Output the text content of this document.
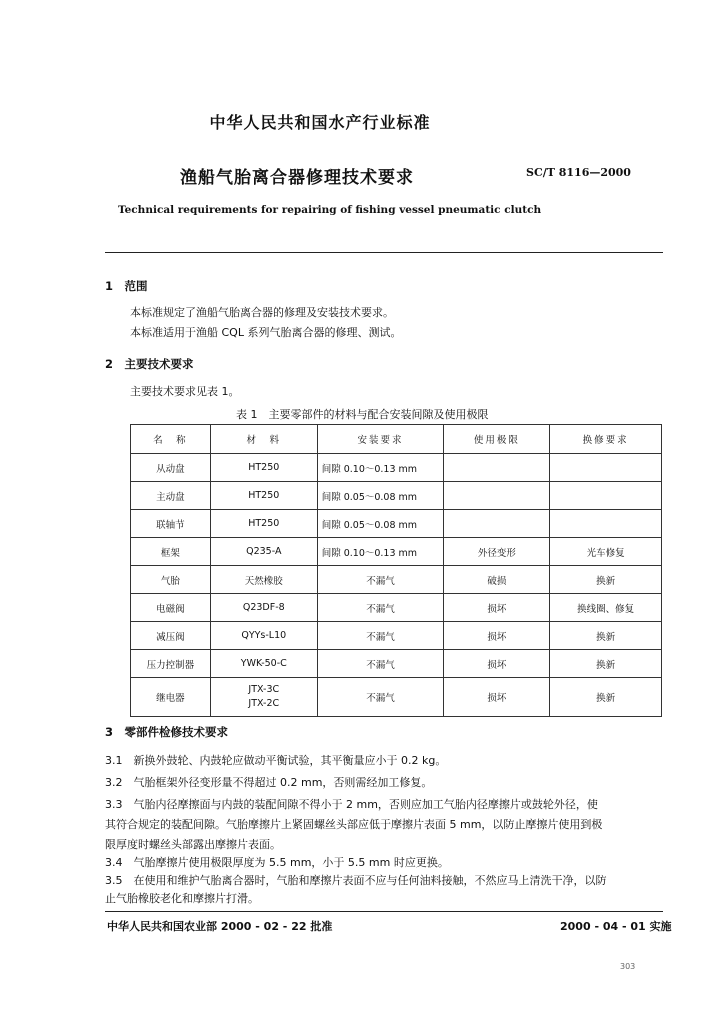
中华人民共和国水产行业标准
渔船气胎离合器修理技术要求	SC/T 8116—2000
Technical requirements for repairing of fishing vessel pneumatic clutch
1　范围
本标准规定了渔船气胎离合器的修理及安装技术要求。
本标准适用于渔船 CQL 系列气胎离合器的修理、测试。
2　主要技术要求
主要技术要求见表 1。
表 1　主要零部件的材料与配合安装间隙及使用极限
名　称	材　料	安装要求	使用极限	换修要求
从动盘	HT250	间隙 0.10～0.13 mm		
主动盘	HT250	间隙 0.05～0.08 mm		
联轴节	HT250	间隙 0.05～0.08 mm		
框架	Q235-A	间隙 0.10～0.13 mm	外径变形	光车修复
气胎	天然橡胶	不漏气	破损	换新
电磁阀	Q23DF-8	不漏气	损坏	换线圈、修复
减压阀	QYYs-L10	不漏气	损坏	换新
压力控制器	YWK-50-C	不漏气	损坏	换新
继电器	JTX-3C
JTX-2C	不漏气	损坏	换新
3　零部件检修技术要求
3.1　新换外鼓轮、内鼓轮应做动平衡试验，其平衡量应小于 0.2 kg。
3.2　气胎框架外径变形量不得超过 0.2 mm，否则需经加工修复。
3.3　气胎内径摩擦面与内鼓的装配间隙不得小于 2 mm，否则应加工气胎内径摩擦片或鼓轮外径，使
其符合规定的装配间隙。气胎摩擦片上紧固螺丝头部应低于摩擦片表面 5 mm，以防止摩擦片使用到极
限厚度时螺丝头部露出摩擦片表面。
3.4　气胎摩擦片使用极限厚度为 5.5 mm，小于 5.5 mm 时应更换。
3.5　在使用和维护气胎离合器时，气胎和摩擦片表面不应与任何油料接触，不然应马上清洗干净，以防
止气胎橡胶老化和摩擦片打滑。
中华人民共和国农业部 2000 - 02 - 22 批准	2000 - 04 - 01 实施
303
